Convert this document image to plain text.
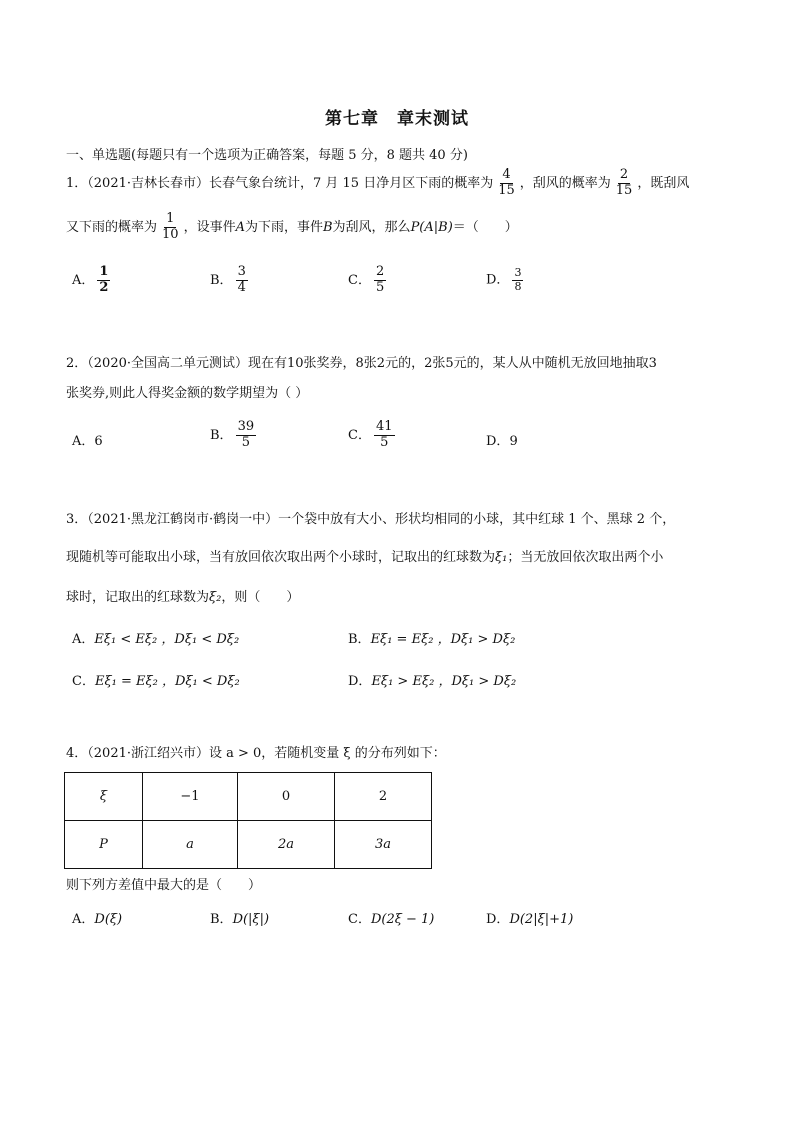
第七章　章末测试
一、单选题(每题只有一个选项为正确答案，每题 5 分，8 题共 40 分)
1．（2021·吉林长春市）长春气象台统计，7 月 15 日净月区下雨的概率为 $\frac{4}{15}$ ，刮风的概率为 $\frac{2}{15}$ ，既刮风
又下雨的概率为 $\frac{1}{10}$ ，设事件A为下雨，事件B为刮风，那么P(A|B)＝（　　）
A． $\frac{1}{2}$	B． $\frac{3}{4}$	C． $\frac{2}{5}$	D． $\frac{3}{8}$
2．（2020·全国高二单元测试）现在有10张奖券，8张2元的，2张5元的，某人从中随机无放回地抽取3
张奖券,则此人得奖金额的数学期望为（ ）
A．6	B． $\frac{39}{5}$	C． $\frac{41}{5}$	D．9
3．（2021·黑龙江鹤岗市·鹤岗一中）一个袋中放有大小、形状均相同的小球，其中红球 1 个、黑球 2 个，
现随机等可能取出小球，当有放回依次取出两个小球时，记取出的红球数为ξ₁；当无放回依次取出两个小
球时，记取出的红球数为ξ₂，则（　　）
A．Eξ₁ < Eξ₂ ，Dξ₁ < Dξ₂	B．Eξ₁ = Eξ₂ ，Dξ₁ > Dξ₂
C．Eξ₁ = Eξ₂ ，Dξ₁ < Dξ₂	D．Eξ₁ > Eξ₂ ，Dξ₁ > Dξ₂
4．（2021·浙江绍兴市）设 a > 0，若随机变量 ξ 的分布列如下：
ξ	−1	0	2
P	a	2a	3a
则下列方差值中最大的是（　　）
A．D(ξ)	B．D(|ξ|)	C．D(2ξ − 1)	D．D(2|ξ|+1)
